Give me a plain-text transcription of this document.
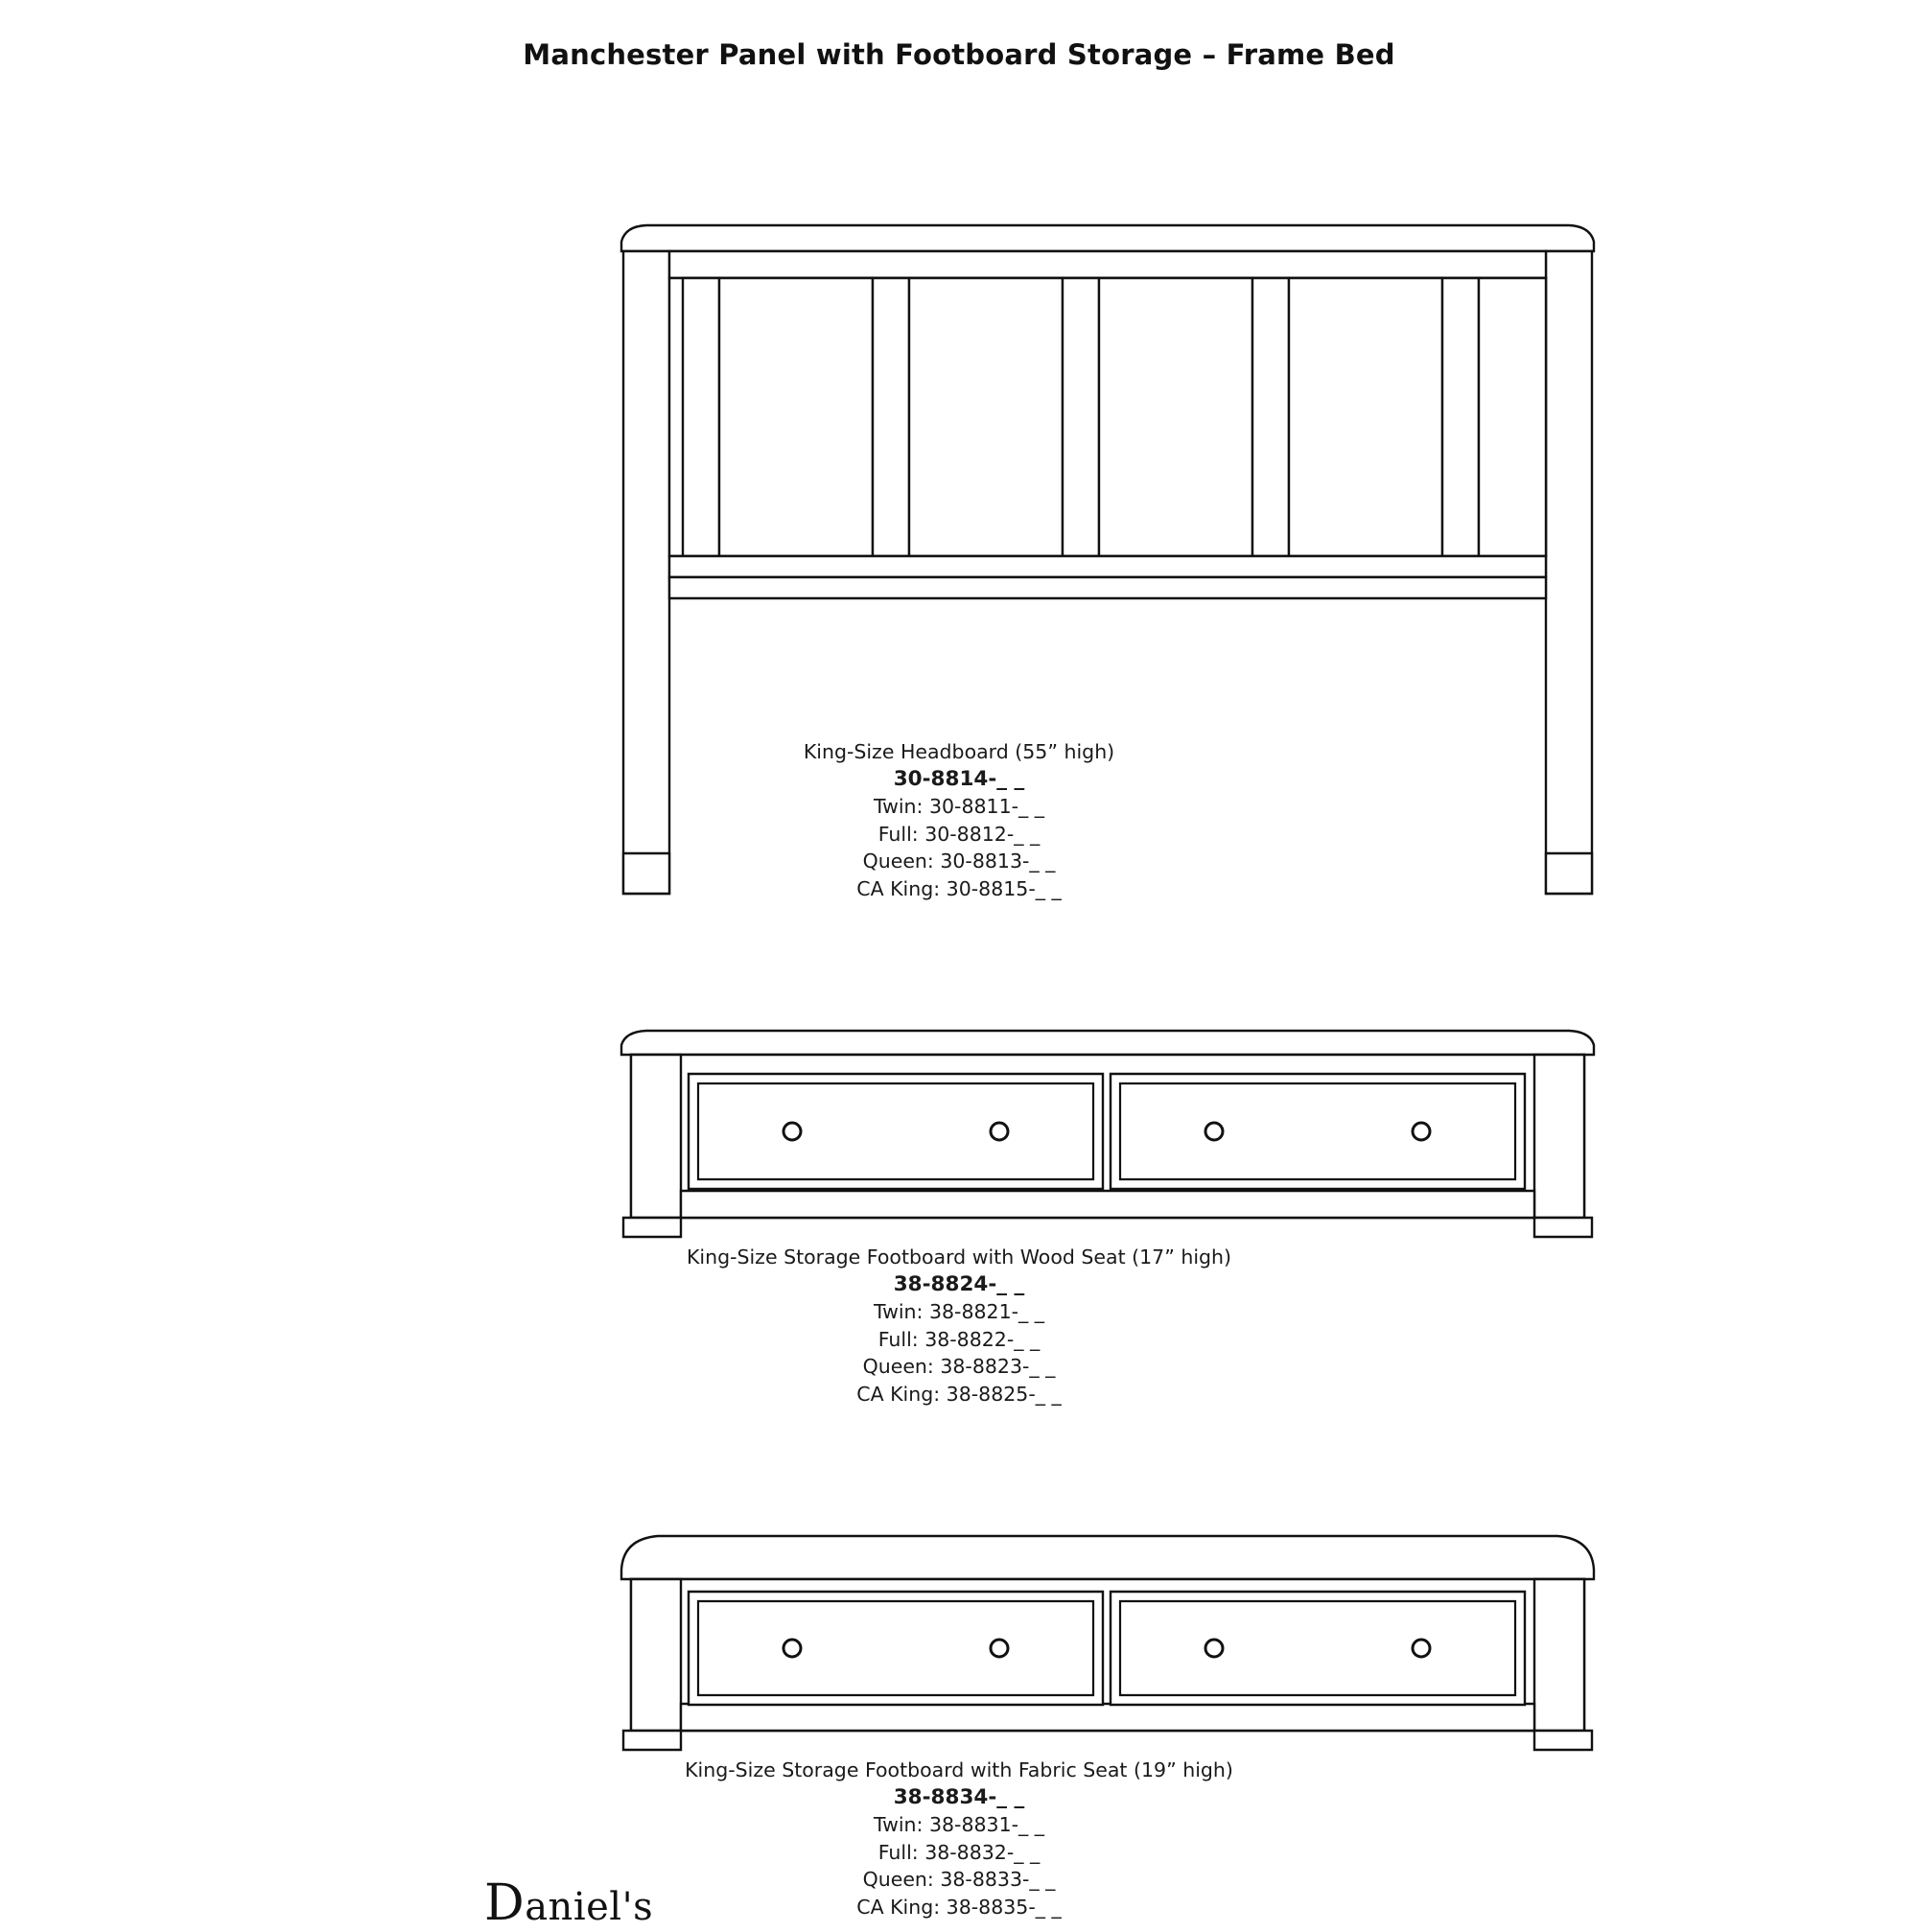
Manchester Panel with Footboard Storage – Frame Bed
King-Size Headboard (55” high)
30-8814-_ _
Twin: 30-8811-_ _
Full: 30-8812-_ _
Queen: 30-8813-_ _
CA King: 30-8815-_ _
King-Size Storage Footboard with Wood Seat (17” high)
38-8824-_ _
Twin: 38-8821-_ _
Full: 38-8822-_ _
Queen: 38-8823-_ _
CA King: 38-8825-_ _
King-Size Storage Footboard with Fabric Seat (19” high)
38-8834-_ _
Twin: 38-8831-_ _
Full: 38-8832-_ _
Queen: 38-8833-_ _
CA King: 38-8835-_ _
Daniel's
